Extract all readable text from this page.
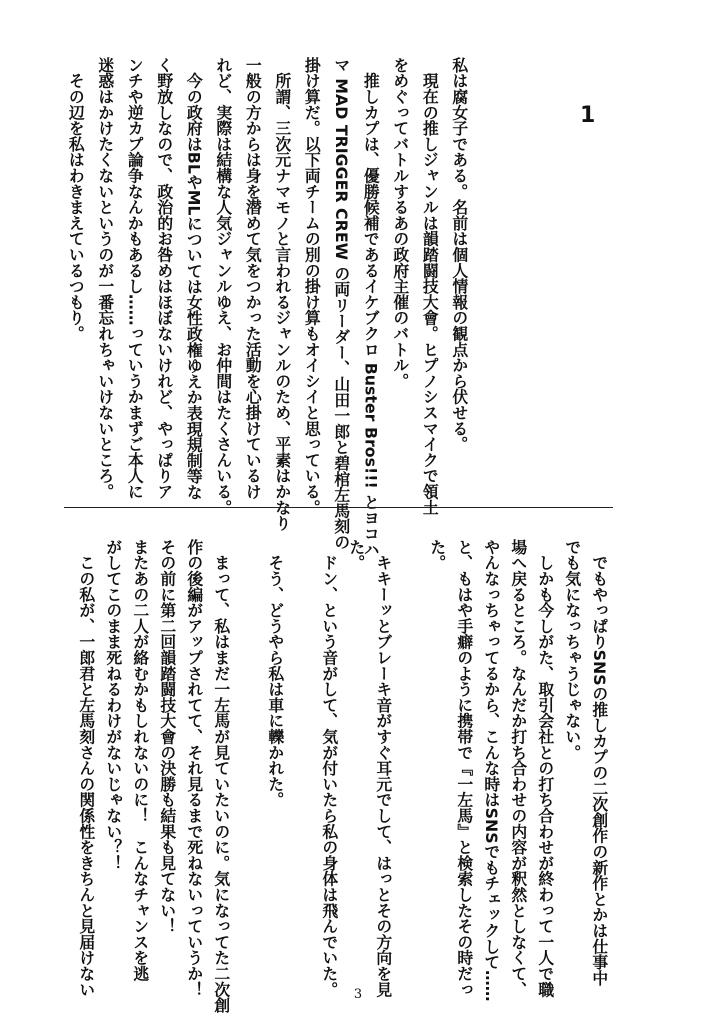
1
私は腐女子である。名前は個人情報の観点から伏せる。
　現在の推しジャンルは韻踏闘技大會。ヒプノシスマイクで領土
をめぐってバトルするあの政府主催のバトル。
　推しカプは、優勝候補であるイケブクロ Buster Bros!!! とヨコハ
マ MAD TRIGGER CREW の両リーダー、山田一郎と碧棺左馬刻の
掛け算だ。以下両チームの別の掛け算もオイシイと思っている。
　所謂、三次元ナマモノと言われるジャンルのため、平素はかなり
一般の方からは身を潜めて気をつかった活動を心掛けているけ
れど、実際は結構な人気ジャンルゆえ、お仲間はたくさんいる。
　今の政府はBLやMLについては女性政権ゆえか表現規制等な
く野放しなので、政治的お咎めはほぼないけれど、やっぱりア
ンチや逆カプ論争なんかもあるし……っていうかまずご本人に
迷惑はかけたくないというのが一番忘れちゃいけないところ。
　その辺を私はわきまえているつもり。
　でもやっぱりSNSの推しカプの二次創作の新作とかは仕事中
でも気になっちゃうじゃない。
　しかも今しがた、取引会社との打ち合わせが終わって一人で職
場へ戻るところ。なんだか打ち合わせの内容が釈然としなくて、
やんなっちゃってるから、こんな時はSNSでもチェックして……
と、もはや手癖のように携帯で『一左馬』と検索したその時だっ
た。
　キキーッとブレーキ音がすぐ耳元でして、はっとその方向を見
た。
　ドン、という音がして、気が付いたら私の身体は飛んでいた。
　そう、どうやら私は車に轢かれた。
　まって、私はまだ一左馬が見ていたいのに。気になってた二次創
作の後編がアップされてて、それ見るまで死ねないっていうか！
その前に第二回韻踏闘技大會の決勝も結果も見てない！
またあの二人が絡むかもしれないのに！　こんなチャンスを逃
がしてこのまま死ねるわけがないじゃない？！
　この私が、一郎君と左馬刻さんの関係性をきちんと見届けない	3
